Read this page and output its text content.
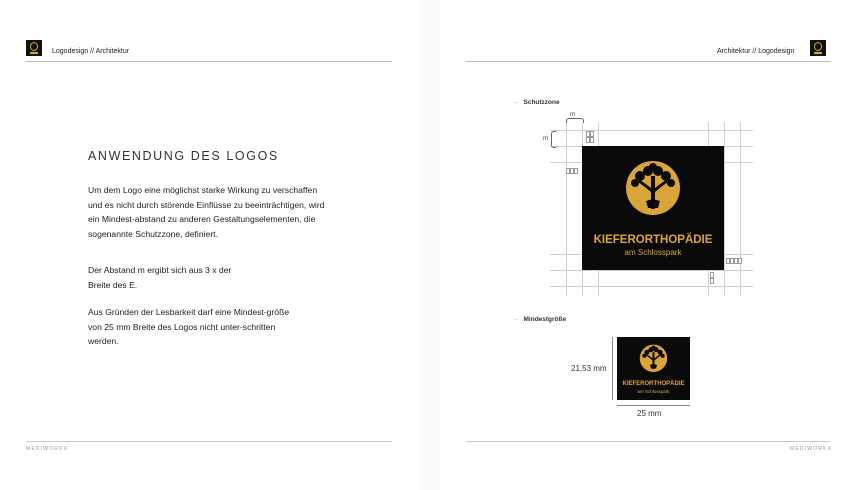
Logodesign // Architektur
ANWENDUNG DES LOGOS

Um dem Logo eine möglichst starke Wirkung zu verschaffen und es nicht durch störende Einflüsse zu beeinträchtigen, wird ein Mindest-abstand zu anderen Gestaltungselementen, die sogenannte Schutzzone, definiert.

Der Abstand m ergibt sich aus 3 x der Breite des E.

Aus Gründen der Lesbarkeit darf eine Mindest-größe von 25 mm Breite des Logos nicht unter-schritten werden.

MEDIWORKX
Architektur // Logodesign
→ Schutzzone
m
m
KIEFERORTHOPÄDIE
am Schlosspark
→ Mindestgröße
KIEFERORTHOPÄDIE
am Schlosspark
21,53 mm
25 mm
MEDIWORKX
